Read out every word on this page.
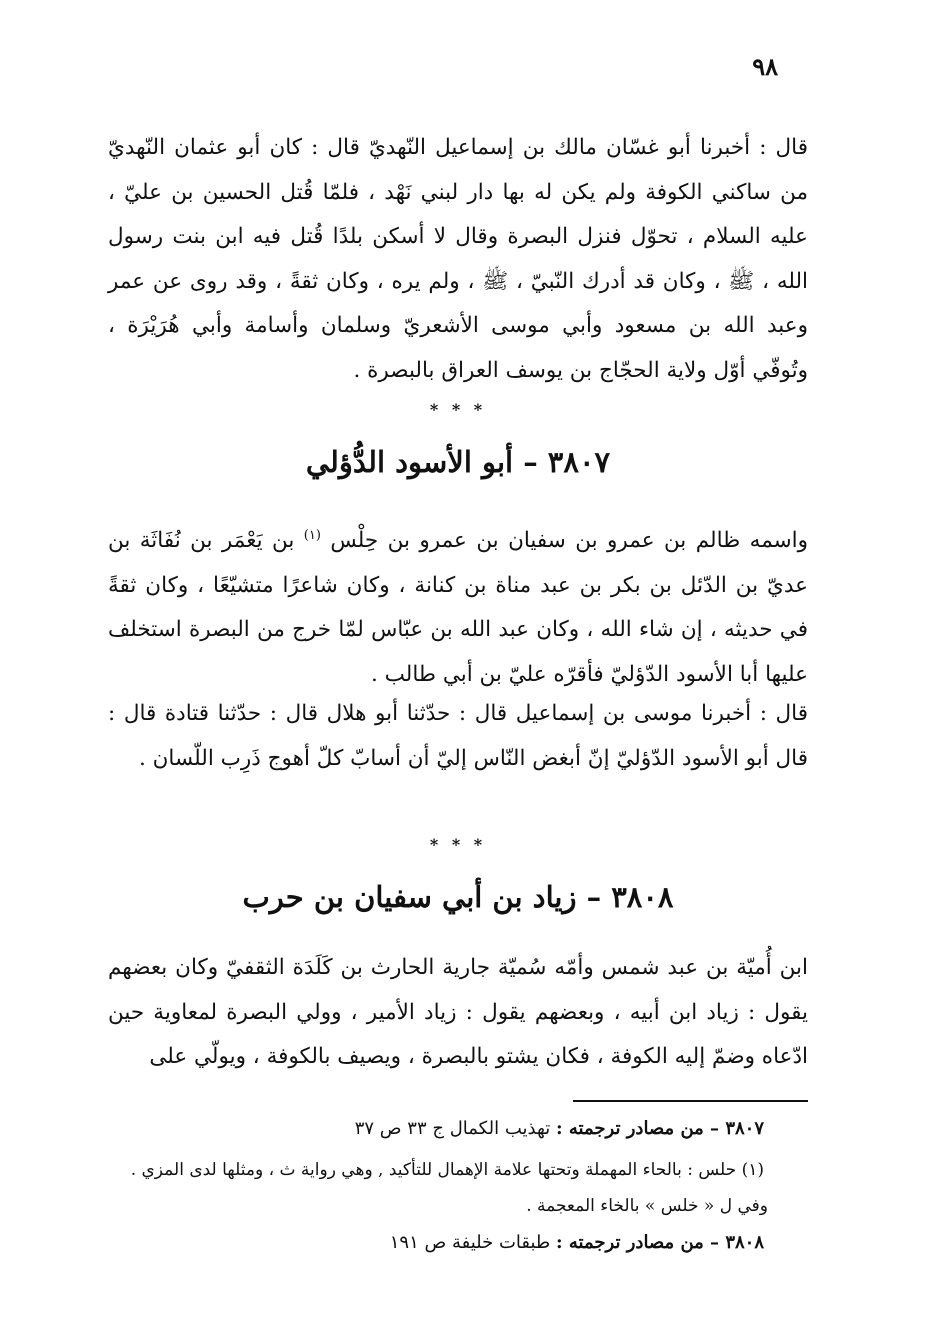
٩٨
قال : أخبرنا أبو غسّان مالك بن إسماعيل النّهديّ قال : كان أبو عثمان النّهديّ من ساكني الكوفة ولم يكن له بها دار لبني نَهْد ، فلمّا قُتل الحسين بن عليّ ، عليه السلام ، تحوّل فنزل البصرة وقال لا أسكن بلدًا قُتل فيه ابن بنت رسول الله ، ﷺ ، وكان قد أدرك النّبيّ ، ﷺ ، ولم يره ، وكان ثقةً ، وقد روى عن عمر وعبد الله بن مسعود وأبي موسى الأشعريّ وسلمان وأسامة وأبي هُرَيْرَة ، وتُوفّي أوّل ولاية الحجّاج بن يوسف العراق بالبصرة .
* * *
٣٨٠٧ – أبو الأسود الدُّؤلي
واسمه ظالم بن عمرو بن سفيان بن عمرو بن حِلْس $^{(١)}$ بن يَعْمَر بن نُفَاثَة بن عديّ بن الدّئل بن بكر بن عبد مناة بن كنانة ، وكان شاعرًا متشيّعًا ، وكان ثقةً في حديثه ، إن شاء الله ، وكان عبد الله بن عبّاس لمّا خرج من البصرة استخلف عليها أبا الأسود الدّؤليّ فأقرّه عليّ بن أبي طالب .
قال : أخبرنا موسى بن إسماعيل قال : حدّثنا أبو هلال قال : حدّثنا قتادة قال : قال أبو الأسود الدّؤليّ إنّ أبغض النّاس إليّ أن أسابّ كلّ أهوج ذَرِب اللّسان .
* * *
٣٨٠٨ – زياد بن أبي سفيان بن حرب
ابن أُميّة بن عبد شمس وأمّه سُميّة جارية الحارث بن كَلَدَة الثقفيّ وكان بعضهم يقول : زياد ابن أبيه ، وبعضهم يقول : زياد الأمير ، وولي البصرة لمعاوية حين ادّعاه وضمّ إليه الكوفة ، فكان يشتو بالبصرة ، ويصيف بالكوفة ، ويولّي على
٣٨٠٧ – من مصادر ترجمته : تهذيب الكمال ج ٣٣ ص ٣٧
(١) حلس : بالحاء المهملة وتحتها علامة الإهمال للتأكيد , وهي رواية ث ، ومثلها لدى المزي .
وفي ل « خلس » بالخاء المعجمة .
٣٨٠٨ – من مصادر ترجمته : طبقات خليفة ص ١٩١
